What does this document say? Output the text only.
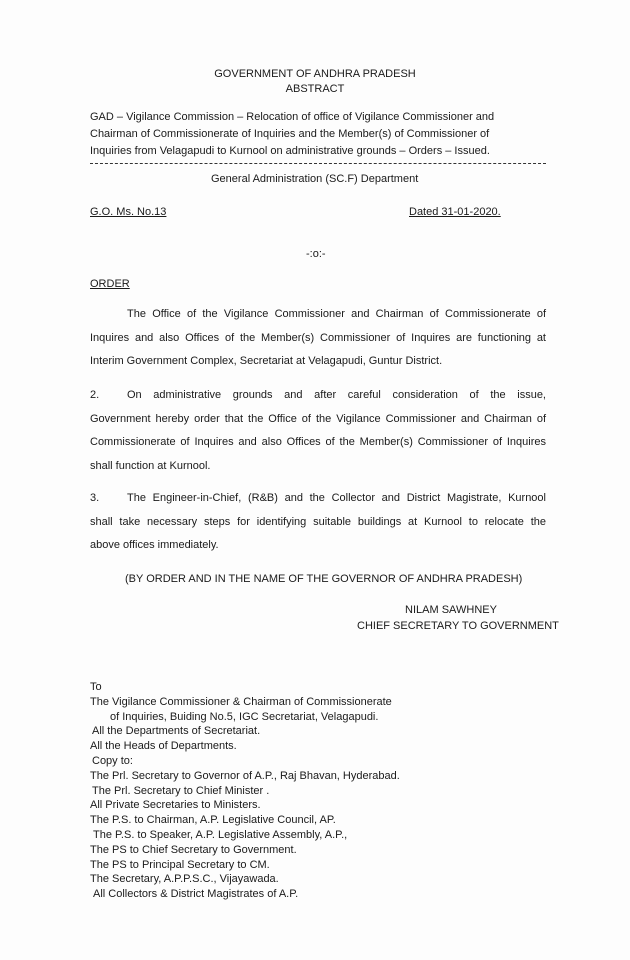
GOVERNMENT OF ANDHRA PRADESH
ABSTRACT
GAD – Vigilance Commission – Relocation of office of Vigilance Commissioner and
Chairman of Commissionerate of Inquiries and the Member(s) of Commissioner of
Inquiries from Velagapudi to Kurnool on administrative grounds – Orders – Issued.
General Administration (SC.F) Department
G.O. Ms. No.13	Dated 31-01-2020.
-:o:-
ORDER
The Office of the Vigilance Commissioner and Chairman of Commissionerate of
Inquires and also Offices of the Member(s) Commissioner of Inquires are functioning at
Interim Government Complex, Secretariat at Velagapudi, Guntur District.
2.	On administrative grounds and after careful consideration of the issue,
Government hereby order that the Office of the Vigilance Commissioner and Chairman of
Commissionerate of Inquires and also Offices of the Member(s) Commissioner of Inquires
shall function at Kurnool.
3.	The Engineer-in-Chief, (R&B) and the Collector and District Magistrate, Kurnool
shall take necessary steps for identifying suitable buildings at Kurnool to relocate the
above offices immediately.
(BY ORDER AND IN THE NAME OF THE GOVERNOR OF ANDHRA PRADESH)
NILAM SAWHNEY
CHIEF SECRETARY TO GOVERNMENT
To
The Vigilance Commissioner & Chairman of Commissionerate
of Inquiries, Buiding No.5, IGC Secretariat, Velagapudi.
All the Departments of Secretariat.
All the Heads of Departments.
Copy to:
The Prl. Secretary to Governor of A.P., Raj Bhavan, Hyderabad.
The Prl. Secretary to Chief Minister .
All Private Secretaries to Ministers.
The P.S. to Chairman, A.P. Legislative Council, AP.
The P.S. to Speaker, A.P. Legislative Assembly, A.P.,
The PS to Chief Secretary to Government.
The PS to Principal Secretary to CM.
The Secretary, A.P.P.S.C., Vijayawada.
All Collectors & District Magistrates of A.P.
